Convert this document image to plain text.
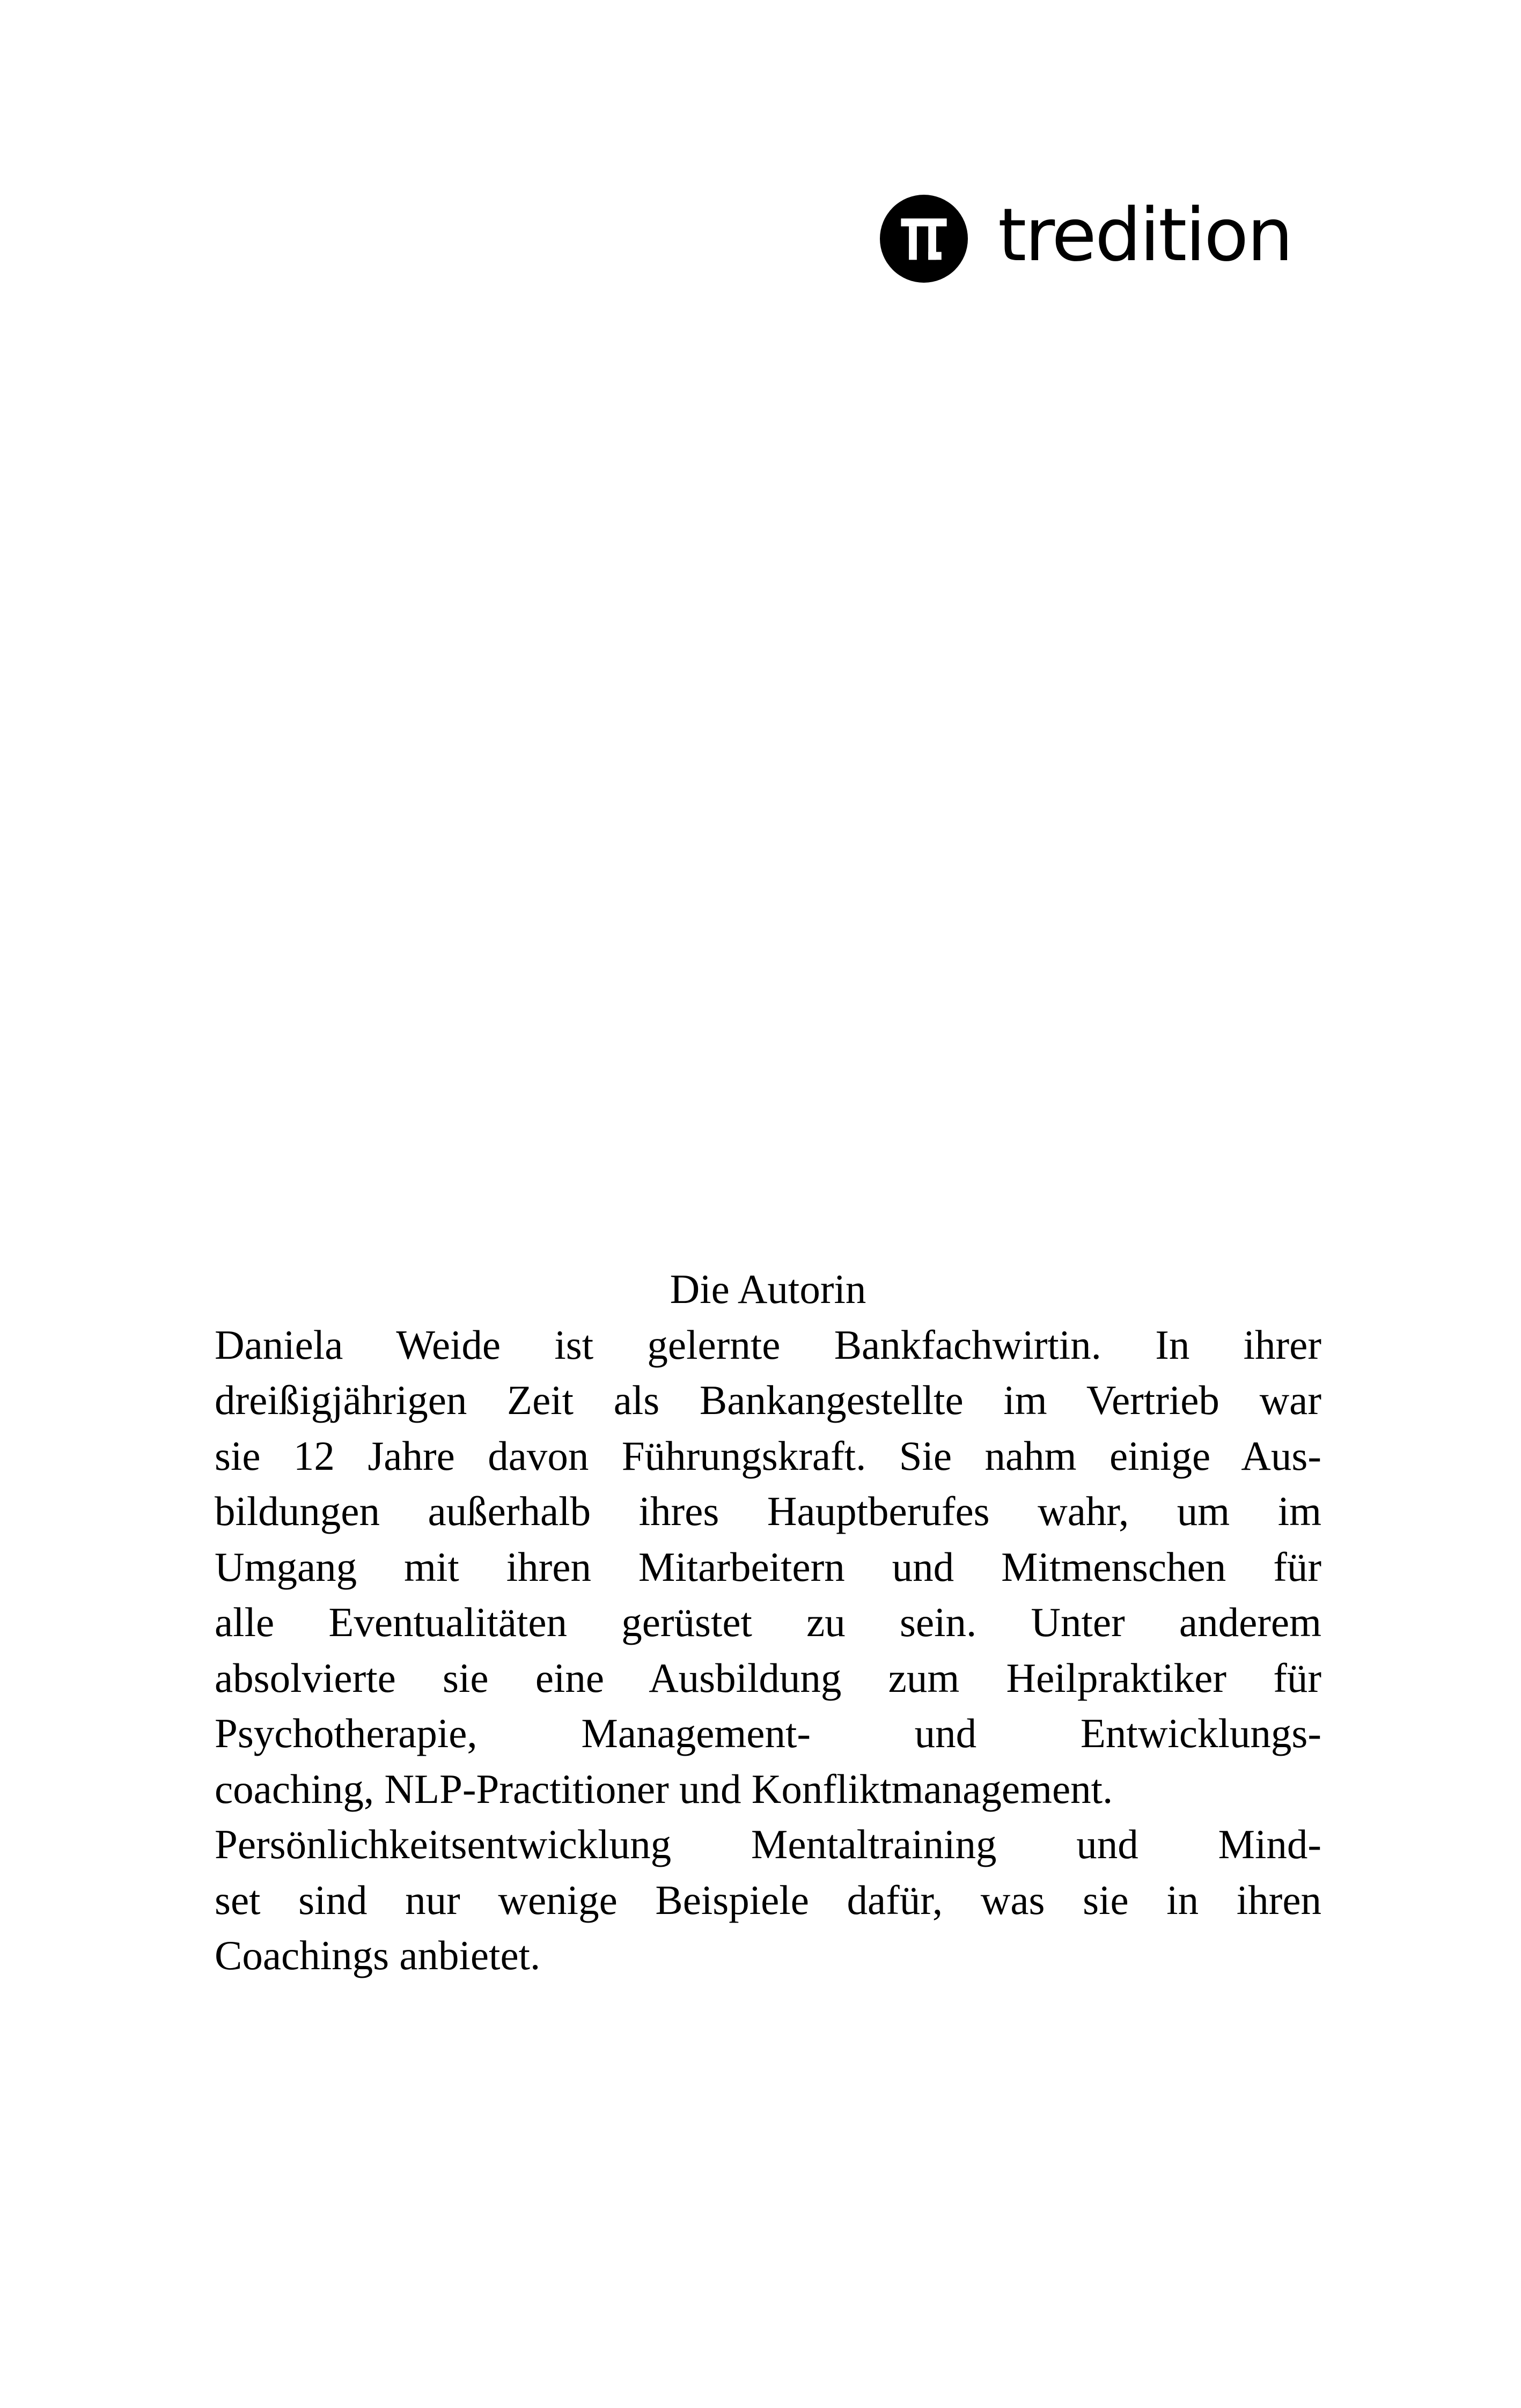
tredition

Die Autorin

Daniela Weide ist gelernte Bankfachwirtin. In ihrer

dreißigjährigen Zeit als Bankangestellte im Vertrieb war

sie 12 Jahre davon Führungskraft. Sie nahm einige Aus-

bildungen außerhalb ihres Hauptberufes wahr, um im

Umgang mit ihren Mitarbeitern und Mitmenschen für

alle Eventualitäten gerüstet zu sein. Unter anderem

absolvierte sie eine Ausbildung zum Heilpraktiker für

Psychotherapie, Management- und Entwicklungs-

coaching, NLP-Practitioner und Konfliktmanagement.

Persönlichkeitsentwicklung Mentaltraining und Mind-

set sind nur wenige Beispiele dafür, was sie in ihren

Coachings anbietet.
